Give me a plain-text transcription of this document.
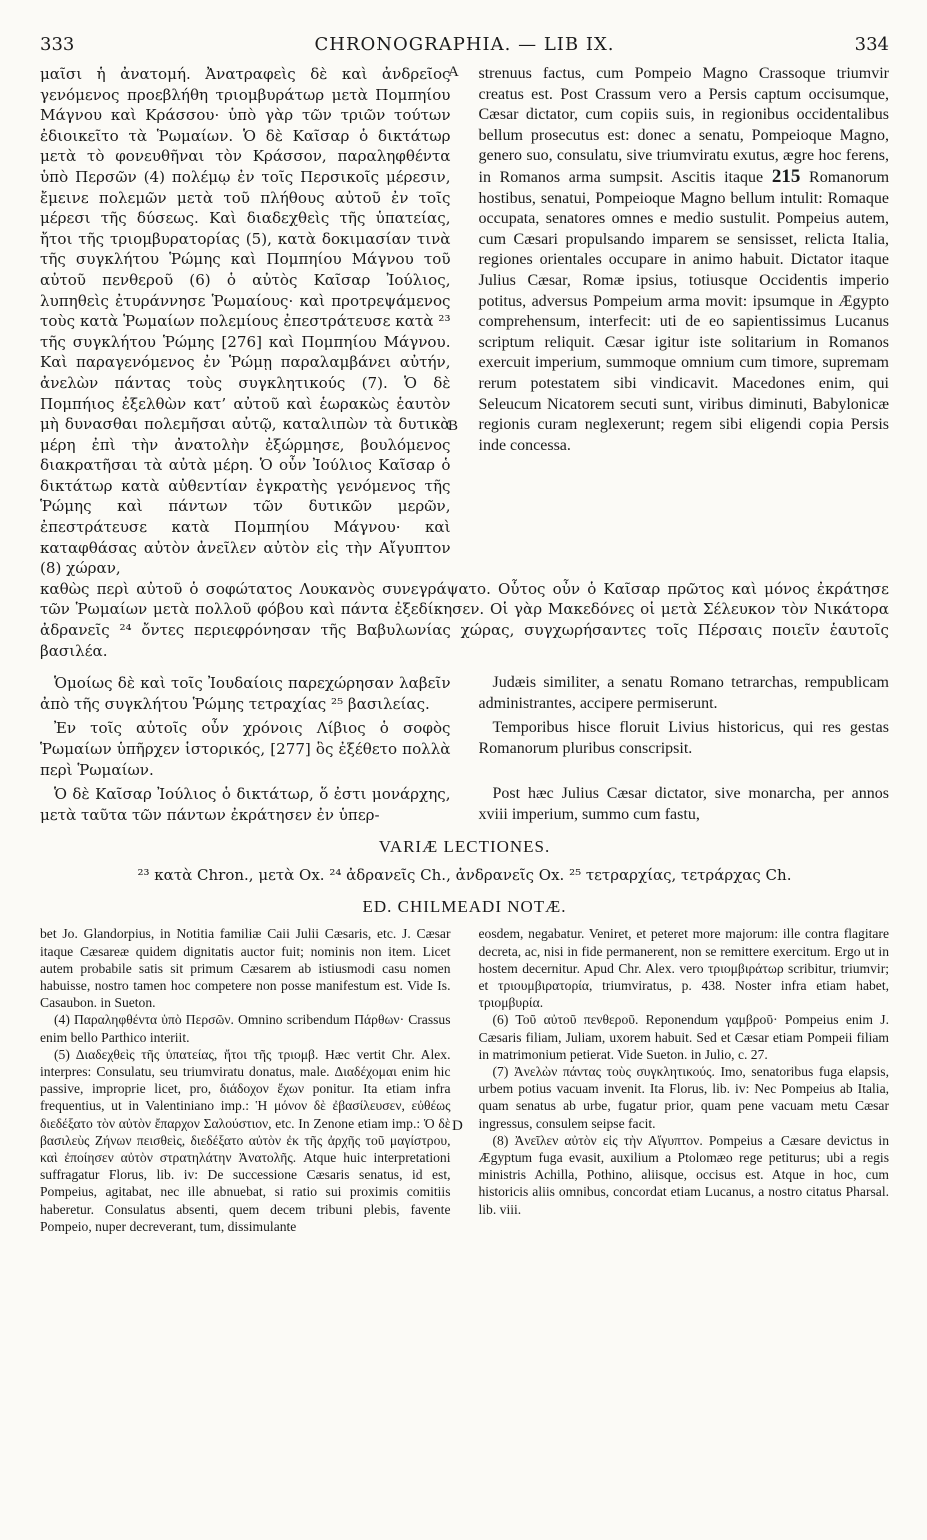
333	CHRONOGRAPHIA. — LIB IX.	334
A
B

μαῖσι ἡ ἀνατομή. Ἀνατραφεὶς δὲ καὶ ἀνδρεῖος γενόμενος προεβλήθη τριομβυράτωρ μετὰ Πομπηίου Μάγνου καὶ Κράσσου· ὑπὸ γὰρ τῶν τριῶν τούτων ἐδιοικεῖτο τὰ Ῥωμαίων. Ὁ δὲ Καῖσαρ ὁ δικτάτωρ μετὰ τὸ φονευθῆναι τὸν Κράσσον, παραληφθέντα ὑπὸ Περσῶν (4) πολέμῳ ἐν τοῖς Περσικοῖς μέρεσιν, ἔμεινε πολεμῶν μετὰ τοῦ πλήθους αὐτοῦ ἐν τοῖς μέρεσι τῆς δύσεως. Καὶ διαδεχθεὶς τῆς ὑπατείας, ἤτοι τῆς τριομβυρατορίας (5), κατὰ δοκιμασίαν τινὰ τῆς συγκλήτου Ῥώμης καὶ Πομπηίου Μάγνου τοῦ αὐτοῦ πενθεροῦ (6) ὁ αὐτὸς Καῖσαρ Ἰούλιος, λυπηθεὶς ἐτυράννησε Ῥωμαίους· καὶ προτρεψάμενος τοὺς κατὰ Ῥωμαίων πολεμίους ἐπεστράτευσε κατὰ ²³ τῆς συγκλήτου Ῥώμης [276] καὶ Πομπηίου Μάγνου. Καὶ παραγενόμενος ἐν Ῥώμῃ παραλαμβάνει αὐτήν, ἀνελὼν πάντας τοὺς συγκλητικούς (7). Ὁ δὲ Πομπήιος ἐξελθὼν κατ’ αὐτοῦ καὶ ἑωρακὼς ἑαυτὸν μὴ δυνασθαι πολεμῆσαι αὐτῷ, καταλιπὼν τὰ δυτικὰ μέρη ἐπὶ τὴν ἀνατολὴν ἐξώρμησε, βουλόμενος διακρατῆσαι τὰ αὐτὰ μέρη. Ὁ οὖν Ἰούλιος Καῖσαρ ὁ δικτάτωρ κατὰ αὐθεντίαν ἐγκρατὴς γενόμενος τῆς Ῥώμης καὶ πάντων τῶν δυτικῶν μερῶν, ἐπεστράτευσε κατὰ Πομπηίου Μάγνου· καὶ καταφθάσας αὐτὸν ἀνεῖλεν αὐτὸν εἰς τὴν Αἴγυπτον (8) χώραν,

strenuus factus, cum Pompeio Magno Crassoque triumvir creatus est. Post Crassum vero a Persis captum occisumque, Cæsar dictator, cum copiis suis, in regionibus occidentalibus bellum prosecutus est: donec a senatu, Pompeioque Magno, genero suo, consulatu, sive triumviratu exutus, ægre hoc ferens, in Romanos arma sumpsit. Ascitis itaque 215 Romanorum hostibus, senatui, Pompeioque Magno bellum intulit: Romaque occupata, senatores omnes e medio sustulit. Pompeius autem, cum Cæsari propulsando imparem se sensisset, relicta Italia, regiones orientales occupare in animo habuit. Dictator itaque Julius Cæsar, Romæ ipsius, totiusque Occidentis imperio potitus, adversus Pompeium arma movit: ipsumque in Ægypto comprehensum, interfecit: uti de eo sapientissimus Lucanus scriptum reliquit. Cæsar igitur iste solitarium in Romanos exercuit imperium, summoque omnium cum timore, supremam rerum potestatem sibi vindicavit. Macedones enim, qui Seleucum Nicatorem secuti sunt, viribus diminuti, Babylonicæ regionis curam neglexerunt; regem sibi eligendi copia Persis inde concessa.

καθὼς περὶ αὐτοῦ ὁ σοφώτατος Λουκανὸς συνεγράψατο. Οὗτος οὖν ὁ Καῖσαρ πρῶτος καὶ μόνος ἐκράτησε τῶν Ῥωμαίων μετὰ πολλοῦ φόβου καὶ πάντα ἐξεδίκησεν. Οἱ γὰρ Μακεδόνες οἱ μετὰ Σέλευκον τὸν Νικάτορα ἀδρανεῖς ²⁴ ὄντες περιεφρόνησαν τῆς Βαβυλωνίας χώρας, συγχωρήσαντες τοῖς Πέρσαις ποιεῖν ἑαυτοῖς βασιλέα.

Ὁμοίως δὲ καὶ τοῖς Ἰουδαίοις παρεχώρησαν λαβεῖν ἀπὸ τῆς συγκλήτου Ῥώμης τετραχίας ²⁵ βασιλείας.

Judæis similiter, a senatu Romano tetrarchas, rempublicam administrantes, accipere permiserunt.

Ἐν τοῖς αὐτοῖς οὖν χρόνοις Λίβιος ὁ σοφὸς Ῥωμαίων ὑπῆρχεν ἱστορικός, [277] ὃς ἐξέθετο πολλὰ περὶ Ῥωμαίων.

Temporibus hisce floruit Livius historicus, qui res gestas Romanorum pluribus conscripsit.

Ὁ δὲ Καῖσαρ Ἰούλιος ὁ δικτάτωρ, ὅ ἐστι μονάρχης, μετὰ ταῦτα τῶν πάντων ἐκράτησεν ἐν ὑπερ-

Post hæc Julius Cæsar dictator, sive monarcha, per annos xviii imperium, summo cum fastu,

VARIÆ LECTIONES.
²³ κατὰ Chron., μετὰ Ox. ²⁴ ἀδρανεῖς Ch., ἀνδρανεῖς Ox. ²⁵ τετραρχίας, τετράρχας Ch.
ED. CHILMEADI NOTÆ.
D

bet Jo. Glandorpius, in Notitia familiæ Caii Julii Cæsaris, etc. J. Cæsar itaque Cæsareæ quidem dignitatis auctor fuit; nominis non item. Licet autem probabile satis sit primum Cæsarem ab istiusmodi casu nomen habuisse, nostro tamen hoc competere non posse manifestum est. Vide Is. Casaubon. in Sueton.

(4) Παραληφθέντα ὑπὸ Περσῶν. Omnino scribendum Πάρθων· Crassus enim bello Parthico interiit.

(5) Διαδεχθεὶς τῆς ὑπατείας, ἤτοι τῆς τριομβ. Hæc vertit Chr. Alex. interpres: Consulatu, seu triumviratu donatus, male. Διαδέχομαι enim hic passive, improprie licet, pro, διάδοχον ἔχων ponitur. Ita etiam infra frequentius, ut in Valentiniano imp.: Ἡ μόνον δὲ ἐβασίλευσεν, εὐθέως διεδέξατο τὸν αὐτὸν ἔπαρχον Σαλούστιον, etc. In Zenone etiam imp.: Ὁ δὲ βασιλεὺς Ζήνων πεισθεὶς, διεδέξατο αὐτὸν ἐκ τῆς ἀρχῆς τοῦ μαγίστρου, καὶ ἐποίησεν αὐτὸν στρατηλάτην Ἀνατολῆς. Atque huic interpretationi suffragatur Florus, lib. iv: De successione Cæsaris senatus, id est, Pompeius, agitabat, nec ille abnuebat, si ratio sui proximis comitiis haberetur. Consulatus absenti, quem decem tribuni plebis, favente Pompeio, nuper decreverant, tum, dissimulante

eosdem, negabatur. Veniret, et peteret more majorum: ille contra flagitare decreta, ac, nisi in fide permanerent, non se remittere exercitum. Ergo ut in hostem decernitur. Apud Chr. Alex. vero τριομβιράτωρ scribitur, triumvir; et τριουμβιρατορία, triumviratus, p. 438. Noster infra etiam habet, τριομβυρία.

(6) Τοῦ αὐτοῦ πενθεροῦ. Reponendum γαμβροῦ· Pompeius enim J. Cæsaris filiam, Juliam, uxorem habuit. Sed et Cæsar etiam Pompeii filiam in matrimonium petierat. Vide Sueton. in Julio, c. 27.

(7) Ἀνελὼν πάντας τοὺς συγκλητικούς. Imo, senatoribus fuga elapsis, urbem potius vacuam invenit. Ita Florus, lib. iv: Nec Pompeius ab Italia, quam senatus ab urbe, fugatur prior, quam pene vacuam metu Cæsar ingressus, consulem seipse facit.

(8) Ἀνεῖλεν αὐτὸν εἰς τὴν Αἴγυπτον. Pompeius a Cæsare devictus in Ægyptum fuga evasit, auxilium a Ptolomæo rege petiturus; ubi a regis ministris Achilla, Pothino, aliisque, occisus est. Atque in hoc, cum historicis aliis omnibus, concordat etiam Lucanus, a nostro citatus Pharsal. lib. viii.
